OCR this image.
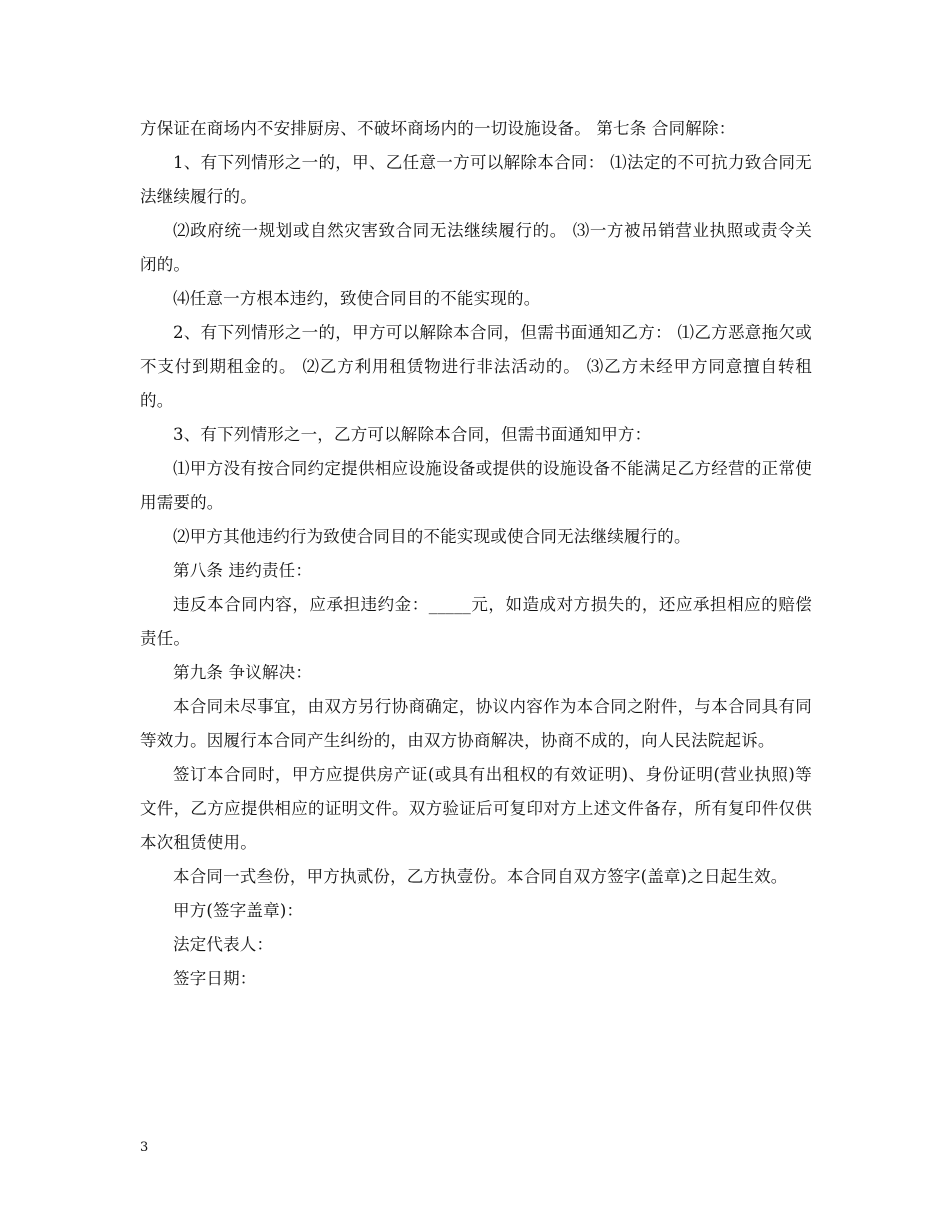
方保证在商场内不安排厨房、不破坏商场内的一切设施设备。 第七条 合同解除：

1、有下列情形之一的，甲、乙任意一方可以解除本合同： ⑴法定的不可抗力致合同无法继续履行的。

⑵政府统一规划或自然灾害致合同无法继续履行的。 ⑶一方被吊销营业执照或责令关闭的。

⑷任意一方根本违约，致使合同目的不能实现的。

2、有下列情形之一的，甲方可以解除本合同，但需书面通知乙方： ⑴乙方恶意拖欠或不支付到期租金的。 ⑵乙方利用租赁物进行非法活动的。 ⑶乙方未经甲方同意擅自转租的。

3、有下列情形之一，乙方可以解除本合同，但需书面通知甲方：

⑴甲方没有按合同约定提供相应设施设备或提供的设施设备不能满足乙方经营的正常使用需要的。

⑵甲方其他违约行为致使合同目的不能实现或使合同无法继续履行的。

第八条 违约责任：

违反本合同内容，应承担违约金：_____元，如造成对方损失的，还应承担相应的赔偿责任。

第九条 争议解决：

本合同未尽事宜，由双方另行协商确定，协议内容作为本合同之附件，与本合同具有同等效力。因履行本合同产生纠纷的，由双方协商解决，协商不成的，向人民法院起诉。

签订本合同时，甲方应提供房产证(或具有出租权的有效证明)、身份证明(营业执照)等文件，乙方应提供相应的证明文件。双方验证后可复印对方上述文件备存，所有复印件仅供本次租赁使用。

本合同一式叁份，甲方执贰份，乙方执壹份。本合同自双方签字(盖章)之日起生效。

甲方(签字盖章)：

法定代表人：

签字日期：

3
